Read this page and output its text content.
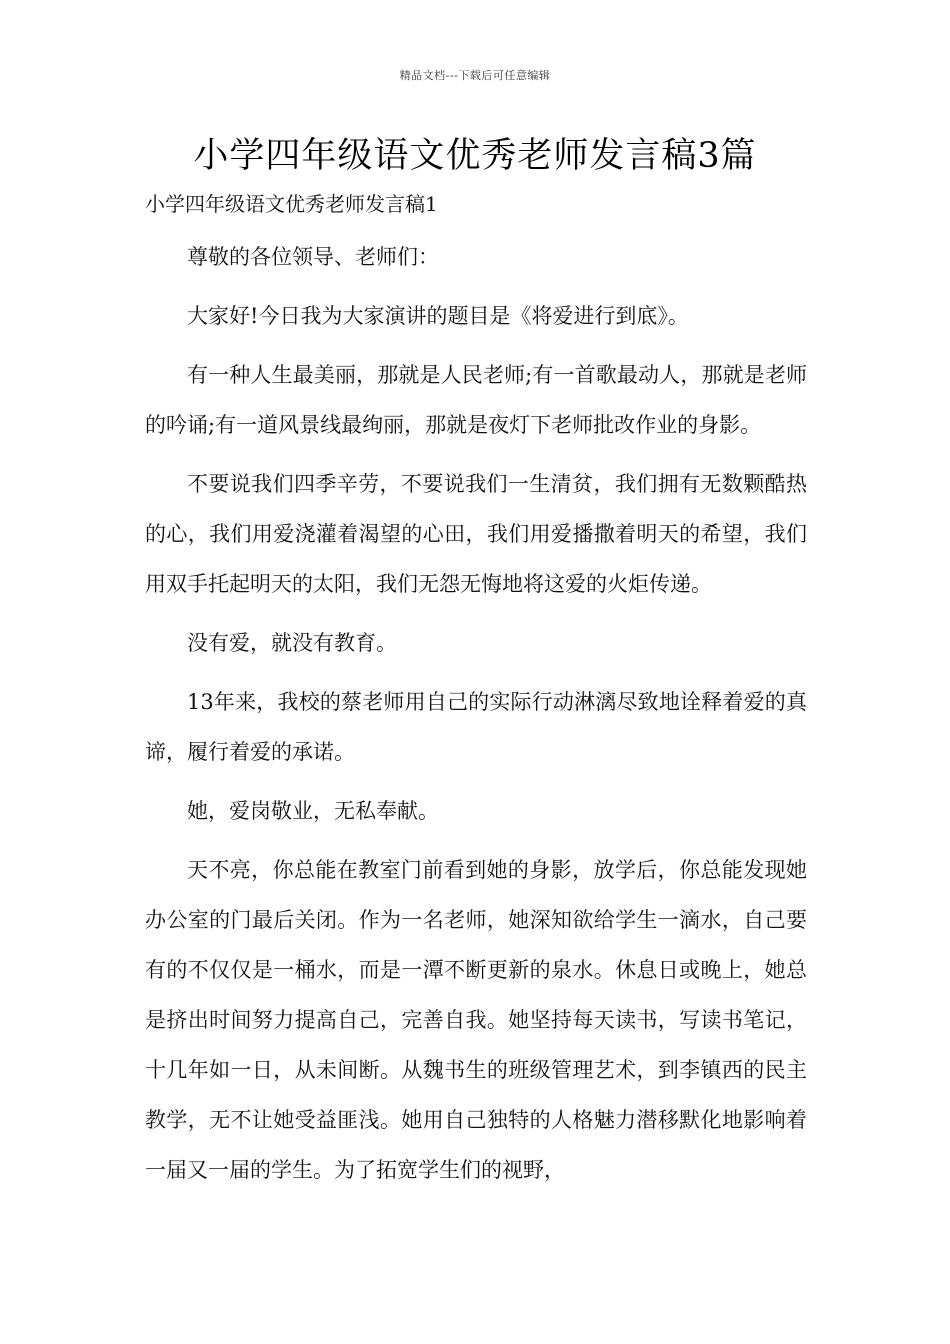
精品文档---下载后可任意编辑
小学四年级语文优秀老师发言稿3篇
小学四年级语文优秀老师发言稿1

尊敬的各位领导、老师们：

大家好!今日我为大家演讲的题目是《将爱进行到底》。

有一种人生最美丽，那就是人民老师;有一首歌最动人，那就是老师的吟诵;有一道风景线最绚丽，那就是夜灯下老师批改作业的身影。

不要说我们四季辛劳，不要说我们一生清贫，我们拥有无数颗酷热的心，我们用爱浇灌着渴望的心田，我们用爱播撒着明天的希望，我们用双手托起明天的太阳，我们无怨无悔地将这爱的火炬传递。

没有爱，就没有教育。

13年来，我校的蔡老师用自己的实际行动淋漓尽致地诠释着爱的真谛，履行着爱的承诺。

她，爱岗敬业，无私奉献。

天不亮，你总能在教室门前看到她的身影，放学后，你总能发现她办公室的门最后关闭。作为一名老师，她深知欲给学生一滴水，自己要有的不仅仅是一桶水，而是一潭不断更新的泉水。休息日或晚上，她总是挤出时间努力提高自己，完善自我。她坚持每天读书，写读书笔记，十几年如一日，从未间断。从魏书生的班级管理艺术，到李镇西的民主教学，无不让她受益匪浅。她用自己独特的人格魅力潜移默化地影响着一届又一届的学生。为了拓宽学生们的视野，
